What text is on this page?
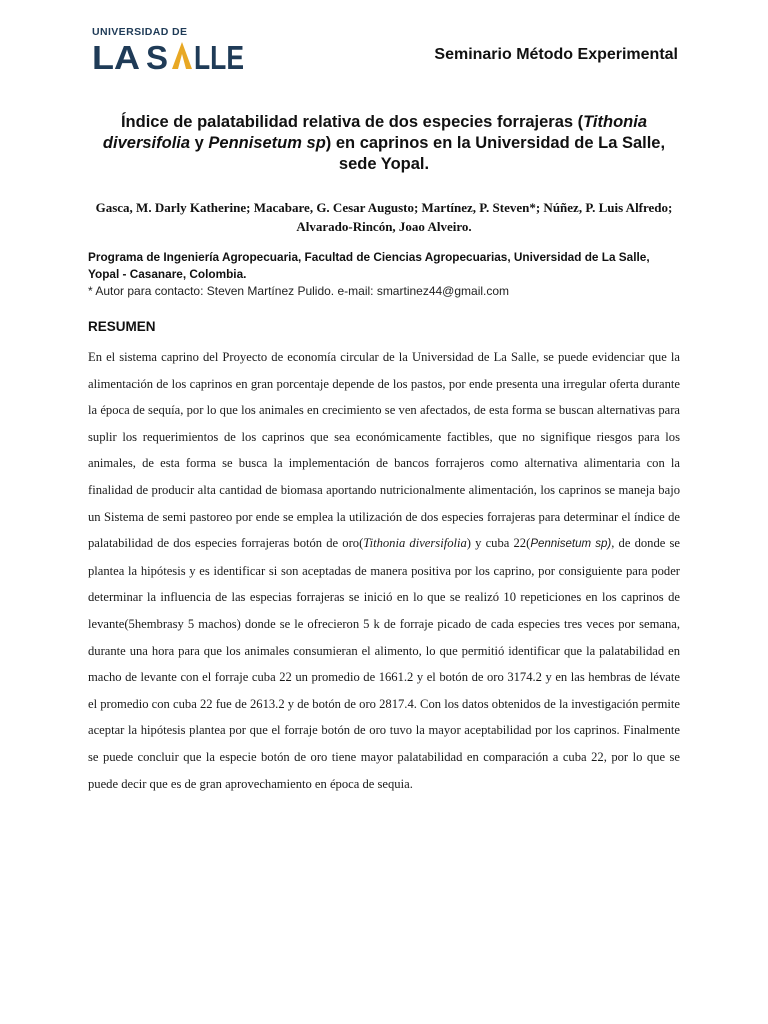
UNIVERSIDAD DE
LA S LLE	Seminario Método Experimental
Índice de palatabilidad relativa de dos especies forrajeras (Tithonia diversifolia y Pennisetum sp) en caprinos en la Universidad de La Salle, sede Yopal.

Gasca, M. Darly Katherine; Macabare, G. Cesar Augusto; Martínez, P. Steven*; Núñez, P. Luis Alfredo; Alvarado-Rincón, Joao Alveiro.

Programa de Ingeniería Agropecuaria, Facultad de Ciencias Agropecuarias, Universidad de La Salle, Yopal - Casanare, Colombia.

* Autor para contacto: Steven Martínez Pulido. e-mail: smartinez44@gmail.com

RESUMEN

En el sistema caprino del Proyecto de economía circular de la Universidad de La Salle, se puede evidenciar que la alimentación de los caprinos en gran porcentaje depende de los pastos, por ende presenta una irregular oferta durante la época de sequía, por lo que los animales en crecimiento se ven afectados, de esta forma se buscan alternativas para suplir los requerimientos de los caprinos que sea económicamente factibles, que no signifique riesgos para los animales, de esta forma se busca la implementación de bancos forrajeros como alternativa alimentaria con la finalidad de producir alta cantidad de biomasa aportando nutricionalmente alimentación, los caprinos se maneja bajo un Sistema de semi pastoreo por ende se emplea la utilización de dos especies forrajeras para determinar el índice de palatabilidad de dos especies forrajeras botón de oro(Tithonia diversifolia) y cuba 22(Pennisetum sp), de donde se plantea la hipótesis y es identificar si son aceptadas de manera positiva por los caprino, por consiguiente para poder determinar la influencia de las especias forrajeras se inició en lo que se realizó 10 repeticiones en los caprinos de levante(5hembrasy 5 machos) donde se le ofrecieron 5 k de forraje picado de cada especies tres veces por semana, durante una hora para que los animales consumieran el alimento, lo que permitió identificar que la palatabilidad en macho de levante con el forraje cuba 22 un promedio de 1661.2 y el botón de oro 3174.2 y en las hembras de lévate el promedio con cuba 22 fue de 2613.2 y de botón de oro 2817.4. Con los datos obtenidos de la investigación permite aceptar la hipótesis plantea por que el forraje botón de oro tuvo la mayor aceptabilidad por los caprinos. Finalmente se puede concluir que la especie botón de oro tiene mayor palatabilidad en comparación a cuba 22, por lo que se puede decir que es de gran aprovechamiento en época de sequia.
